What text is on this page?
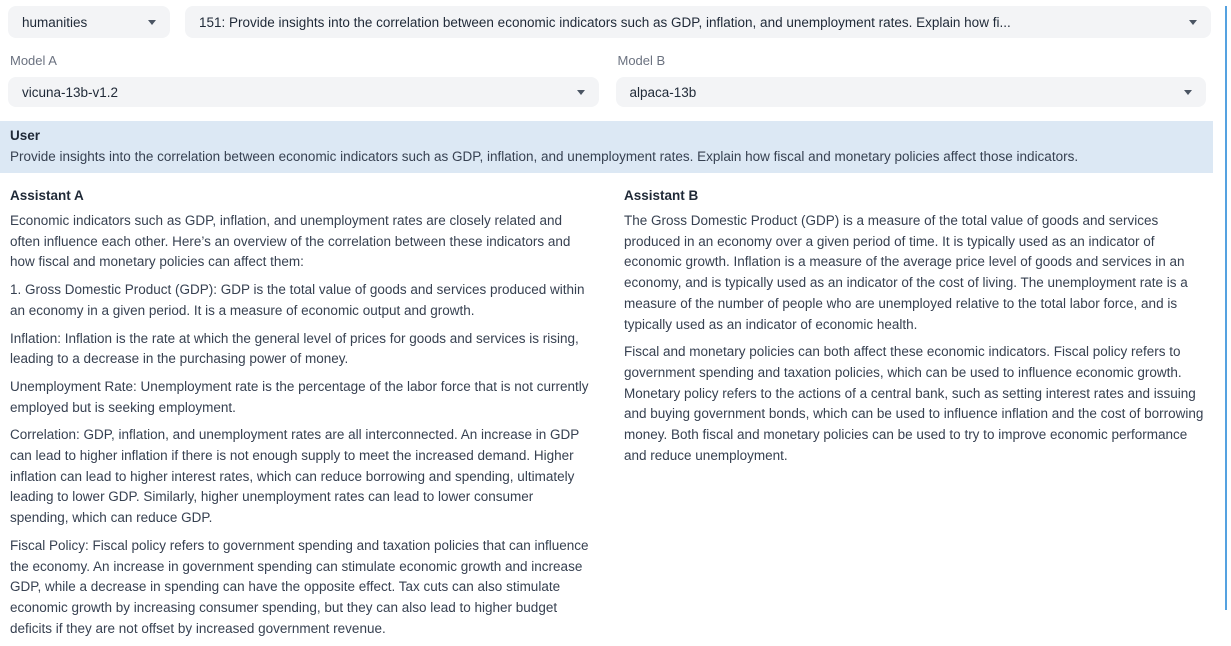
humanities	151: Provide insights into the correlation between economic indicators such as GDP, inflation, and unemployment rates. Explain how fi...
Model A
vicuna-13b-v1.2
Model B
alpaca-13b
User
Provide insights into the correlation between economic indicators such as GDP, inflation, and unemployment rates. Explain how fiscal and monetary policies affect those indicators.
Assistant A

Economic indicators such as GDP, inflation, and unemployment rates are closely related and often influence each other. Here’s an overview of the correlation between these indicators and how fiscal and monetary policies can affect them:

1. Gross Domestic Product (GDP): GDP is the total value of goods and services produced within an economy in a given period. It is a measure of economic output and growth.

Inflation: Inflation is the rate at which the general level of prices for goods and services is rising, leading to a decrease in the purchasing power of money.

Unemployment Rate: Unemployment rate is the percentage of the labor force that is not currently employed but is seeking employment.

Correlation: GDP, inflation, and unemployment rates are all interconnected. An increase in GDP can lead to higher inflation if there is not enough supply to meet the increased demand. Higher inflation can lead to higher interest rates, which can reduce borrowing and spending, ultimately leading to lower GDP. Similarly, higher unemployment rates can lead to lower consumer spending, which can reduce GDP.

Fiscal Policy: Fiscal policy refers to government spending and taxation policies that can influence the economy. An increase in government spending can stimulate economic growth and increase GDP, while a decrease in spending can have the opposite effect. Tax cuts can also stimulate economic growth by increasing consumer spending, but they can also lead to higher budget deficits if they are not offset by increased government revenue.

Assistant B

The Gross Domestic Product (GDP) is a measure of the total value of goods and services produced in an economy over a given period of time. It is typically used as an indicator of economic growth. Inflation is a measure of the average price level of goods and services in an economy, and is typically used as an indicator of the cost of living. The unemployment rate is a measure of the number of people who are unemployed relative to the total labor force, and is typically used as an indicator of economic health.

Fiscal and monetary policies can both affect these economic indicators. Fiscal policy refers to government spending and taxation policies, which can be used to influence economic growth. Monetary policy refers to the actions of a central bank, such as setting interest rates and issuing and buying government bonds, which can be used to influence inflation and the cost of borrowing money. Both fiscal and monetary policies can be used to try to improve economic performance and reduce unemployment.
